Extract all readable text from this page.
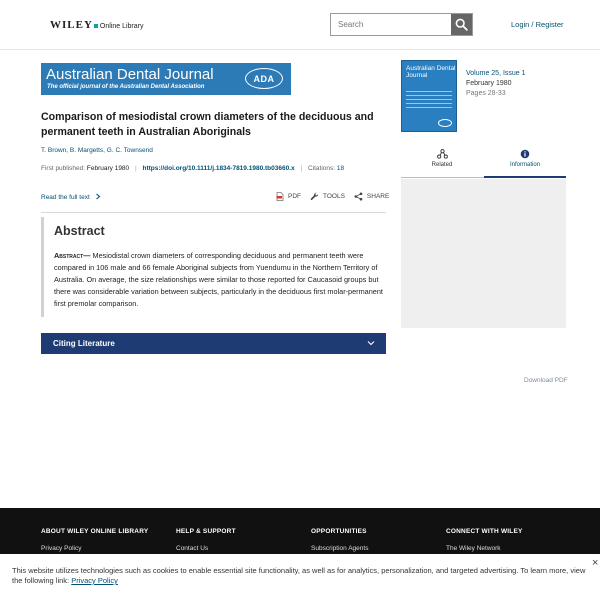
WILEY Online Library
Search	Login / Register
Australian Dental Journal
The official journal of the Australian Dental Association
ADA
Comparison of mesiodistal crown diameters of the deciduous and permanent teeth in Australian Aboriginals
T. Brown, B. Margetts, G. C. Townsend
First published: February 1980 | https://doi.org/10.1111/j.1834-7819.1980.tb03660.x | Citations: 18
Read the full text	PDF	TOOLS	SHARE
Abstract

Abstract— Mesiodistal crown diameters of corresponding deciduous and permanent teeth were compared in 106 male and 66 female Aboriginal subjects from Yuendumu in the Northern Territory of Australia. On average, the size relationships were similar to those reported for Caucasoid groups but there was considerable variation between subjects, particularly in the deciduous first molar-permanent first premolar comparison.

Citing Literature
Australian Dental Journal	Volume 25, Issue 1
February 1980
Pages 28-33
Related	Information
Download PDF
ABOUT WILEY ONLINE LIBRARY
Privacy Policy
HELP & SUPPORT
Contact Us
OPPORTUNITIES
Subscription Agents
CONNECT WITH WILEY
The Wiley Network

This website utilizes technologies such as cookies to enable essential site functionality, as well as for analytics, personalization, and targeted advertising. To learn more, view the following link: Privacy Policy

×
